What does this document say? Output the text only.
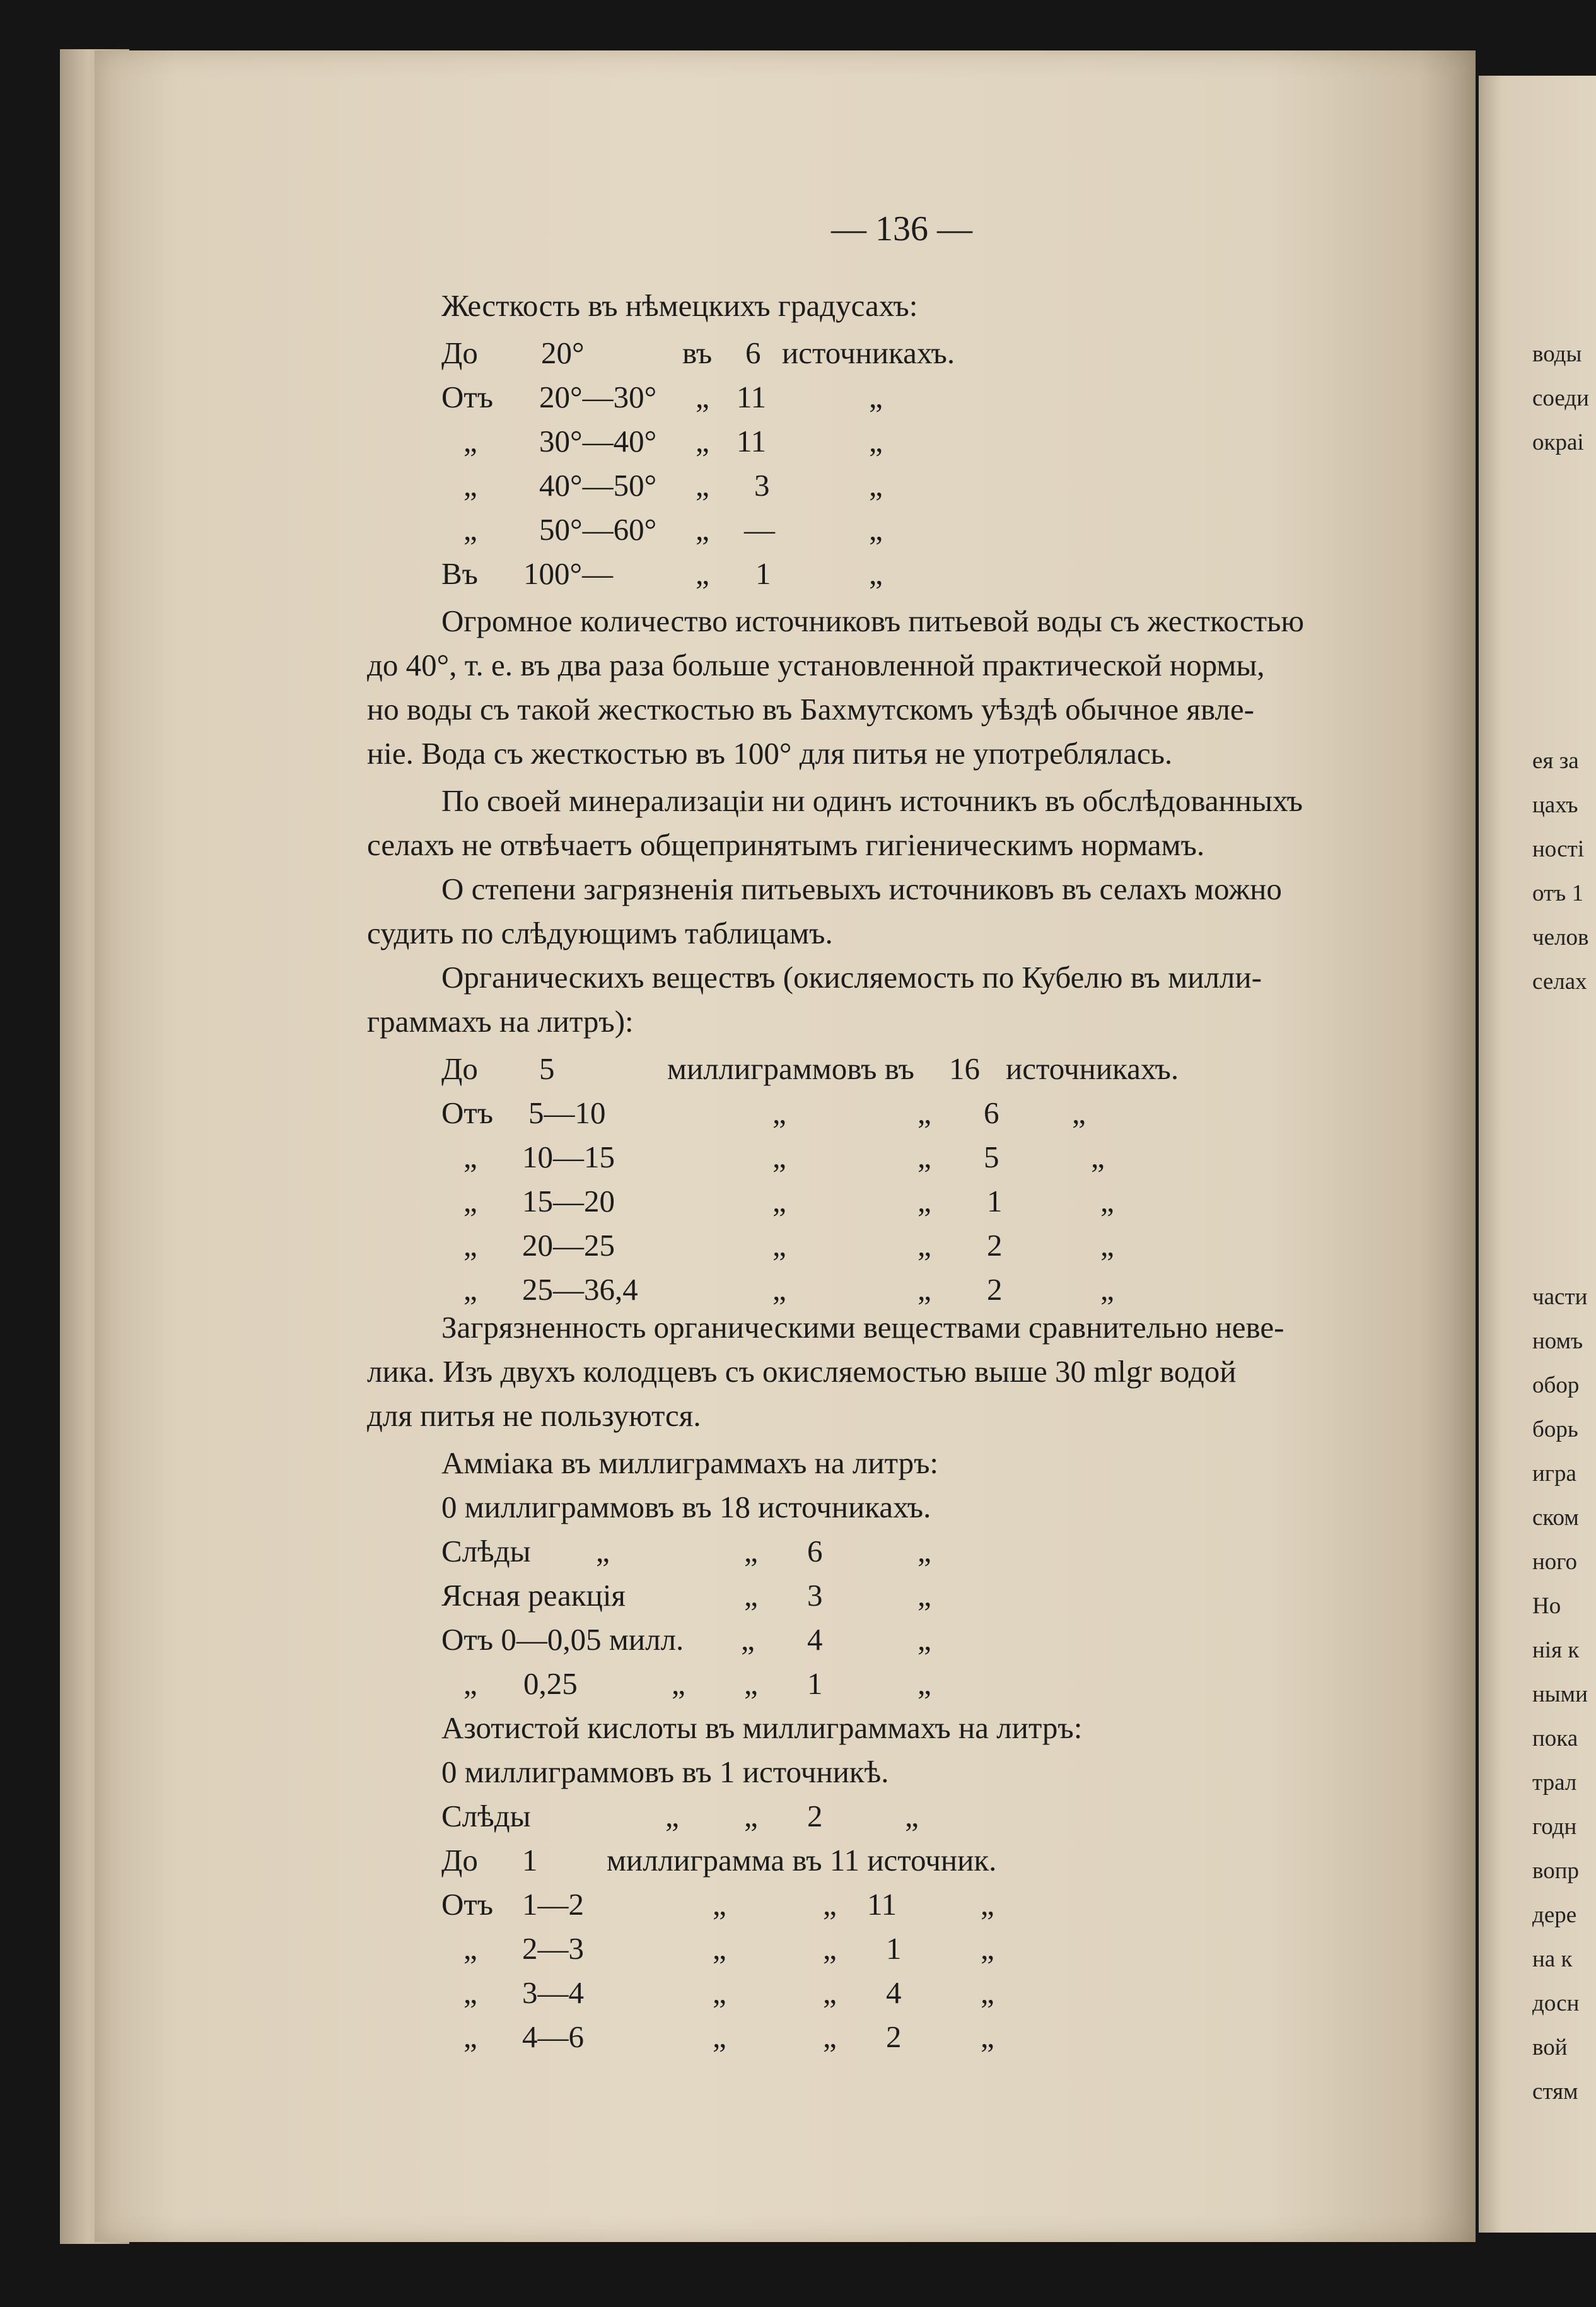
воды
соеди
окраі
ея за
цахъ
ності
отъ 1
челов
селах
части
номъ
обор
борь
игра
ском
ного
Но
нія к
ными
пока
трал
годн
вопр
дере
на к
досн
вой
стям
— 136 —
Жесткость въ нѣмецкихъ градусахъ:
До 20°	въ 6 источникахъ.
Отъ 20°—30° „ 11	„
„ 30°—40° „ 11	„
„ 40°—50° „ 3	„
„ 50°—60° „ —	„
Въ 100°—	„ 1	„
Огромное количество источниковъ питьевой воды съ жесткостью
до 40°, т. е. въ два раза больше установленной практической нормы,
но воды съ такой жесткостью въ Бахмутскомъ уѣздѣ обычное явле-
ніе. Вода съ жесткостью въ 100° для питья не употреблялась.
По своей минерализаціи ни одинъ источникъ въ обслѣдованныхъ
селахъ не отвѣчаетъ общепринятымъ гигіеническимъ нормамъ.
О степени загрязненія питьевыхъ источниковъ въ селахъ можно
судить по слѣдующимъ таблицамъ.
Органическихъ веществъ (окисляемость по Кубелю въ милли-
граммахъ на литръ):
До 5	миллиграммовъ въ 16 источникахъ.
Отъ 5—10	„	„ 6 „
„ 10—15	„	„ 5	„
„ 15—20	„	„ 1	„
„ 20—25	„	„ 2	„
„ 25—36,4	„	„ 2	„
Загрязненность органическими веществами сравнительно неве-
лика. Изъ двухъ колодцевъ съ окисляемостью выше 30 mlgr водой
для питья не пользуются.
Аммiака въ миллиграммахъ на литръ:
0 миллиграммовъ въ 18 источникахъ.
Слѣды „	„ 6	„
Ясная реакція	„ 3	„
Отъ 0—0,05 милл. „ 4	„
„ 0,25	„ „ 1	„
Азотистой кислоты въ миллиграммахъ на литръ:
0 миллиграммовъ въ 1 источникѣ.
Слѣды	„ „ 2	„
До 1 миллиграмма въ 11 источник.
Отъ 1—2	„	„ 11	„
„ 2—3	„	„ 1	„
„ 3—4	„	„ 4	„
„ 4—6	„	„ 2	„
